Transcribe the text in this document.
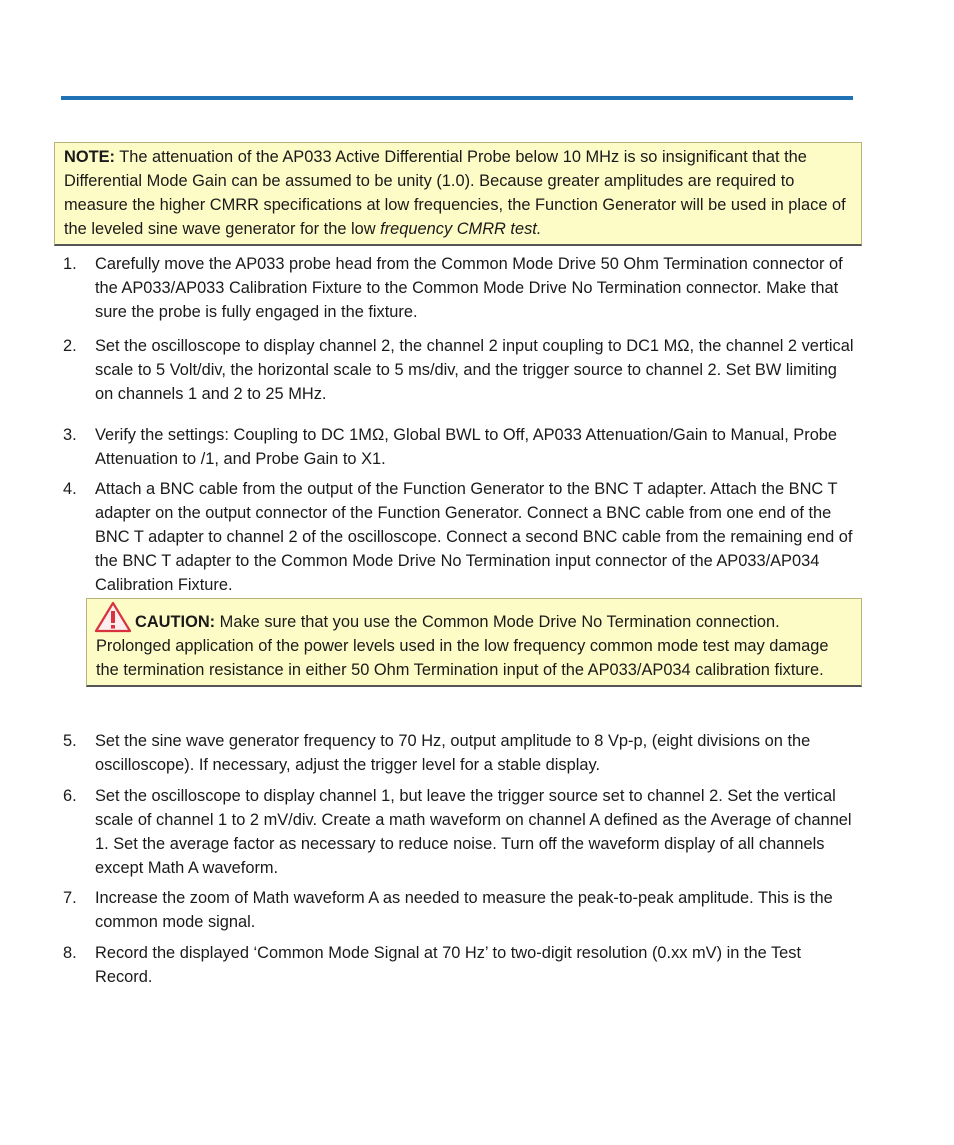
NOTE: The attenuation of the AP033 Active Differential Probe below 10 MHz is so insignificant that the Differential Mode Gain can be assumed to be unity (1.0). Because greater amplitudes are required to measure the higher CMRR specifications at low frequencies, the Function Generator will be used in place of the leveled sine wave generator for the low frequency CMRR test.
1. Carefully move the AP033 probe head from the Common Mode Drive 50 Ohm Termination connector of the AP033/AP033 Calibration Fixture to the Common Mode Drive No Termination connector. Make that sure the probe is fully engaged in the fixture.
2. Set the oscilloscope to display channel 2, the channel 2 input coupling to DC1 MΩ, the channel 2 vertical scale to 5 Volt/div, the horizontal scale to 5 ms/div, and the trigger source to channel 2. Set BW limiting on channels 1 and 2 to 25 MHz.
3. Verify the settings: Coupling to DC 1MΩ, Global BWL to Off, AP033 Attenuation/Gain to Manual, Probe Attenuation to /1, and Probe Gain to X1.
4. Attach a BNC cable from the output of the Function Generator to the BNC T adapter. Attach the BNC T adapter on the output connector of the Function Generator. Connect a BNC cable from one end of the BNC T adapter to channel 2 of the oscilloscope. Connect a second BNC cable from the remaining end of the BNC T adapter to the Common Mode Drive No Termination input connector of the AP033/AP034 Calibration Fixture.
5. Set the sine wave generator frequency to 70 Hz, output amplitude to 8 Vp-p, (eight divisions on the oscilloscope). If necessary, adjust the trigger level for a stable display.
6. Set the oscilloscope to display channel 1, but leave the trigger source set to channel 2. Set the vertical scale of channel 1 to 2 mV/div. Create a math waveform on channel A defined as the Average of channel 1. Set the average factor as necessary to reduce noise. Turn off the waveform display of all channels except Math A waveform.
7. Increase the zoom of Math waveform A as needed to measure the peak-to-peak amplitude. This is the common mode signal.
8. Record the displayed ‘Common Mode Signal at 70 Hz’ to two-digit resolution (0.xx mV) in the Test Record.
CAUTION: Make sure that you use the Common Mode Drive No Termination connection. Prolonged application of the power levels used in the low frequency common mode test may damage the termination resistance in either 50 Ohm Termination input of the AP033/AP034 calibration fixture.
